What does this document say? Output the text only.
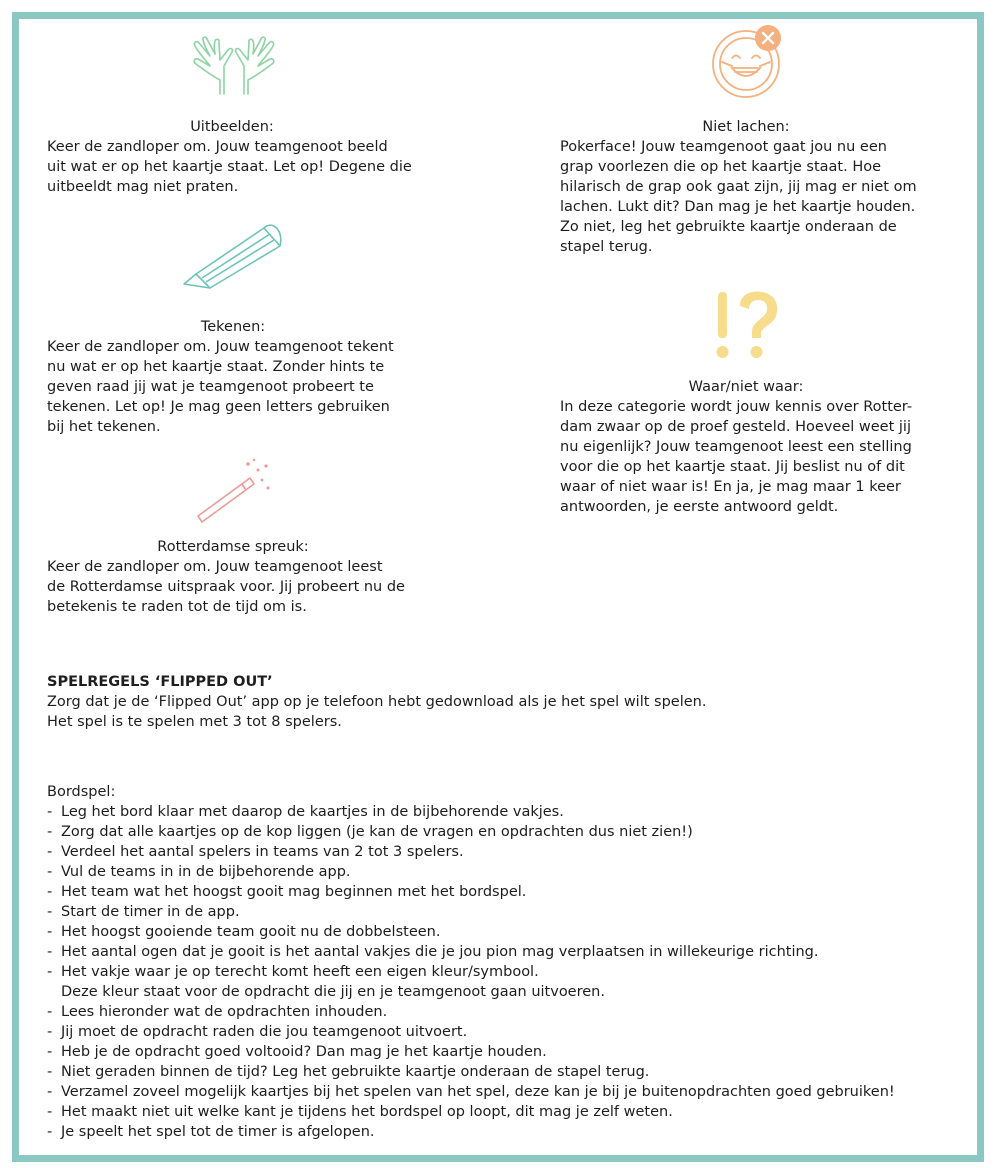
Uitbeelden:
Keer de zandloper om. Jouw teamgenoot beeld
uit wat er op het kaartje staat. Let op! Degene die
uitbeeldt mag niet praten.
Niet lachen:
Pokerface! Jouw teamgenoot gaat jou nu een
grap voorlezen die op het kaartje staat. Hoe
hilarisch de grap ook gaat zijn, jij mag er niet om
lachen. Lukt dit? Dan mag je het kaartje houden.
Zo niet, leg het gebruikte kaartje onderaan de
stapel terug.
Tekenen:
Keer de zandloper om. Jouw teamgenoot tekent
nu wat er op het kaartje staat. Zonder hints te
geven raad jij wat je teamgenoot probeert te
tekenen. Let op! Je mag geen letters gebruiken
bij het tekenen.
Waar/niet waar:
In deze categorie wordt jouw kennis over Rotter-
dam zwaar op de proef gesteld. Hoeveel weet jij
nu eigenlijk? Jouw teamgenoot leest een stelling
voor die op het kaartje staat. Jij beslist nu of dit
waar of niet waar is! En ja, je mag maar 1 keer
antwoorden, je eerste antwoord geldt.
Rotterdamse spreuk:
Keer de zandloper om. Jouw teamgenoot leest
de Rotterdamse uitspraak voor. Jij probeert nu de
betekenis te raden tot de tijd om is.
SPELREGELS ‘FLIPPED OUT’
Zorg dat je de ‘Flipped Out’ app op je telefoon hebt gedownload als je het spel wilt spelen.
Het spel is te spelen met 3 tot 8 spelers.
Bordspel:
- Leg het bord klaar met daarop de kaartjes in de bijbehorende vakjes.
- Zorg dat alle kaartjes op de kop liggen (je kan de vragen en opdrachten dus niet zien!)
- Verdeel het aantal spelers in teams van 2 tot 3 spelers.
- Vul de teams in in de bijbehorende app.
- Het team wat het hoogst gooit mag beginnen met het bordspel.
- Start de timer in de app.
- Het hoogst gooiende team gooit nu de dobbelsteen.
- Het aantal ogen dat je gooit is het aantal vakjes die je jou pion mag verplaatsen in willekeurige richting.
- Het vakje waar je op terecht komt heeft een eigen kleur/symbool.
Deze kleur staat voor de opdracht die jij en je teamgenoot gaan uitvoeren.
- Lees hieronder wat de opdrachten inhouden.
- Jij moet de opdracht raden die jou teamgenoot uitvoert.
- Heb je de opdracht goed voltooid? Dan mag je het kaartje houden.
- Niet geraden binnen de tijd? Leg het gebruikte kaartje onderaan de stapel terug.
- Verzamel zoveel mogelijk kaartjes bij het spelen van het spel, deze kan je bij je buitenopdrachten goed gebruiken!
- Het maakt niet uit welke kant je tijdens het bordspel op loopt, dit mag je zelf weten.
- Je speelt het spel tot de timer is afgelopen.
